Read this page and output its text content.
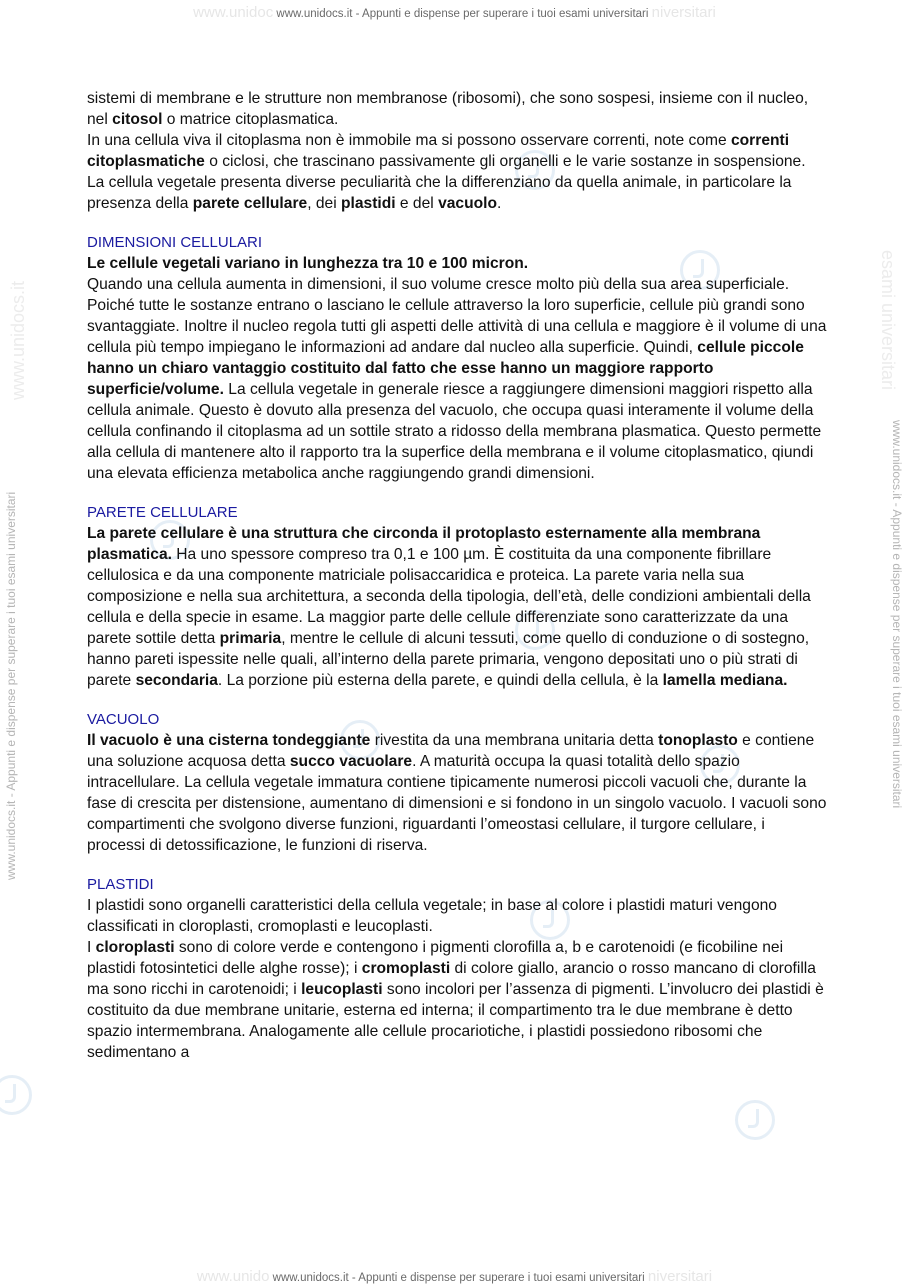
www.unidoc www.unidocs.it - Appunti e dispense per superare i tuoi esami universitari niversitari
www.unidocs.it - Appunti e dispense per superare i tuoi esami universitari	www.unidocs.it - Appunti e dispense per superare i tuoi esami universitari
www.unidocs.it	esami universitari

sistemi di membrane e le strutture non membranose (ribosomi), che sono sospesi, insieme con il nucleo, nel citosol o matrice citoplasmatica.

In una cellula viva il citoplasma non è immobile ma si possono osservare correnti, note come correnti citoplasmatiche o ciclosi, che trascinano passivamente gli organelli e le varie sostanze in sospensione.

La cellula vegetale presenta diverse peculiarità che la differenziano da quella animale, in particolare la presenza della parete cellulare, dei plastidi e del vacuolo.

DIMENSIONI CELLULARI

Le cellule vegetali variano in lunghezza tra 10 e 100 micron.

Quando una cellula aumenta in dimensioni, il suo volume cresce molto più della sua area superficiale. Poiché tutte le sostanze entrano o lasciano le cellule attraverso la loro superficie, cellule più grandi sono svantaggiate. Inoltre il nucleo regola tutti gli aspetti delle attività di una cellula e maggiore è il volume di una cellula più tempo impiegano le informazioni ad andare dal nucleo alla superficie. Quindi, cellule piccole hanno un chiaro vantaggio costituito dal fatto che esse hanno un maggiore rapporto superficie/volume. La cellula vegetale in generale riesce a raggiungere dimensioni maggiori rispetto alla cellula animale. Questo è dovuto alla presenza del vacuolo, che occupa quasi interamente il volume della cellula confinando il citoplasma ad un sottile strato a ridosso della membrana plasmatica. Questo permette alla cellula di mantenere alto il rapporto tra la superfice della membrana e il volume citoplasmatico, qiundi una elevata efficienza metabolica anche raggiungendo grandi dimensioni.

PARETE CELLULARE

La parete cellulare è una struttura che circonda il protoplasto esternamente alla membrana plasmatica. Ha uno spessore compreso tra 0,1 e 100 µm. È costituita da una componente fibrillare cellulosica e da una componente matriciale polisaccaridica e proteica. La parete varia nella sua composizione e nella sua architettura, a seconda della tipologia, dell’età, delle condizioni ambientali della cellula e della specie in esame. La maggior parte delle cellule differenziate sono caratterizzate da una parete sottile detta primaria, mentre le cellule di alcuni tessuti, come quello di conduzione o di sostegno, hanno pareti ispessite nelle quali, all’interno della parete primaria, vengono depositati uno o più strati di parete secondaria. La porzione più esterna della parete, e quindi della cellula, è la lamella mediana.

VACUOLO

Il vacuolo è una cisterna tondeggiante rivestita da una membrana unitaria detta tonoplasto e contiene una soluzione acquosa detta succo vacuolare. A maturità occupa la quasi totalità dello spazio intracellulare. La cellula vegetale immatura contiene tipicamente numerosi piccoli vacuoli che, durante la fase di crescita per distensione, aumentano di dimensioni e si fondono in un singolo vacuolo. I vacuoli sono compartimenti che svolgono diverse funzioni, riguardanti l’omeostasi cellulare, il turgore cellulare, i processi di detossificazione, le funzioni di riserva.

PLASTIDI

I plastidi sono organelli caratteristici della cellula vegetale; in base al colore i plastidi maturi vengono classificati in cloroplasti, cromoplasti e leucoplasti.

I cloroplasti sono di colore verde e contengono i pigmenti clorofilla a, b e carotenoidi (e ficobiline nei plastidi fotosintetici delle alghe rosse); i cromoplasti di colore giallo, arancio o rosso mancano di clorofilla ma sono ricchi in carotenoidi; i leucoplasti sono incolori per l’assenza di pigmenti. L’involucro dei plastidi è costituito da due membrane unitarie, esterna ed interna; il compartimento tra le due membrane è detto spazio intermembrana. Analogamente alle cellule procariotiche, i plastidi possiedono ribosomi che sedimentano a

www.unido www.unidocs.it - Appunti e dispense per superare i tuoi esami universitari niversitari
